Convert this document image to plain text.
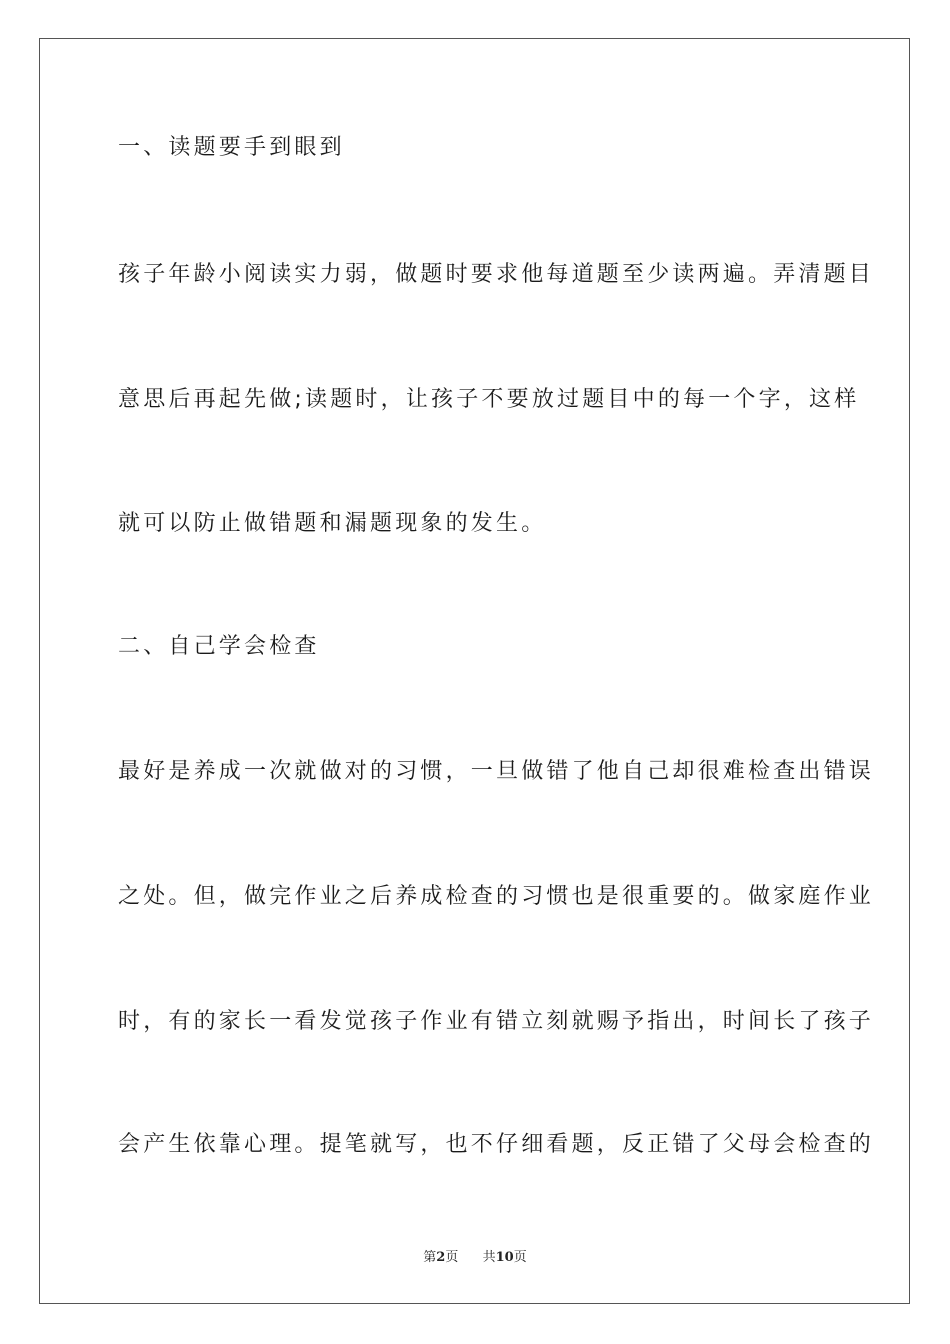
一、读题要手到眼到
孩子年龄小阅读实力弱，做题时要求他每道题至少读两遍。弄清题目
意思后再起先做;读题时，让孩子不要放过题目中的每一个字，这样
就可以防止做错题和漏题现象的发生。
二、自己学会检查
最好是养成一次就做对的习惯，一旦做错了他自己却很难检查出错误
之处。但，做完作业之后养成检查的习惯也是很重要的。做家庭作业
时，有的家长一看发觉孩子作业有错立刻就赐予指出，时间长了孩子
会产生依靠心理。提笔就写，也不仔细看题，反正错了父母会检查的
第2页 共10页
